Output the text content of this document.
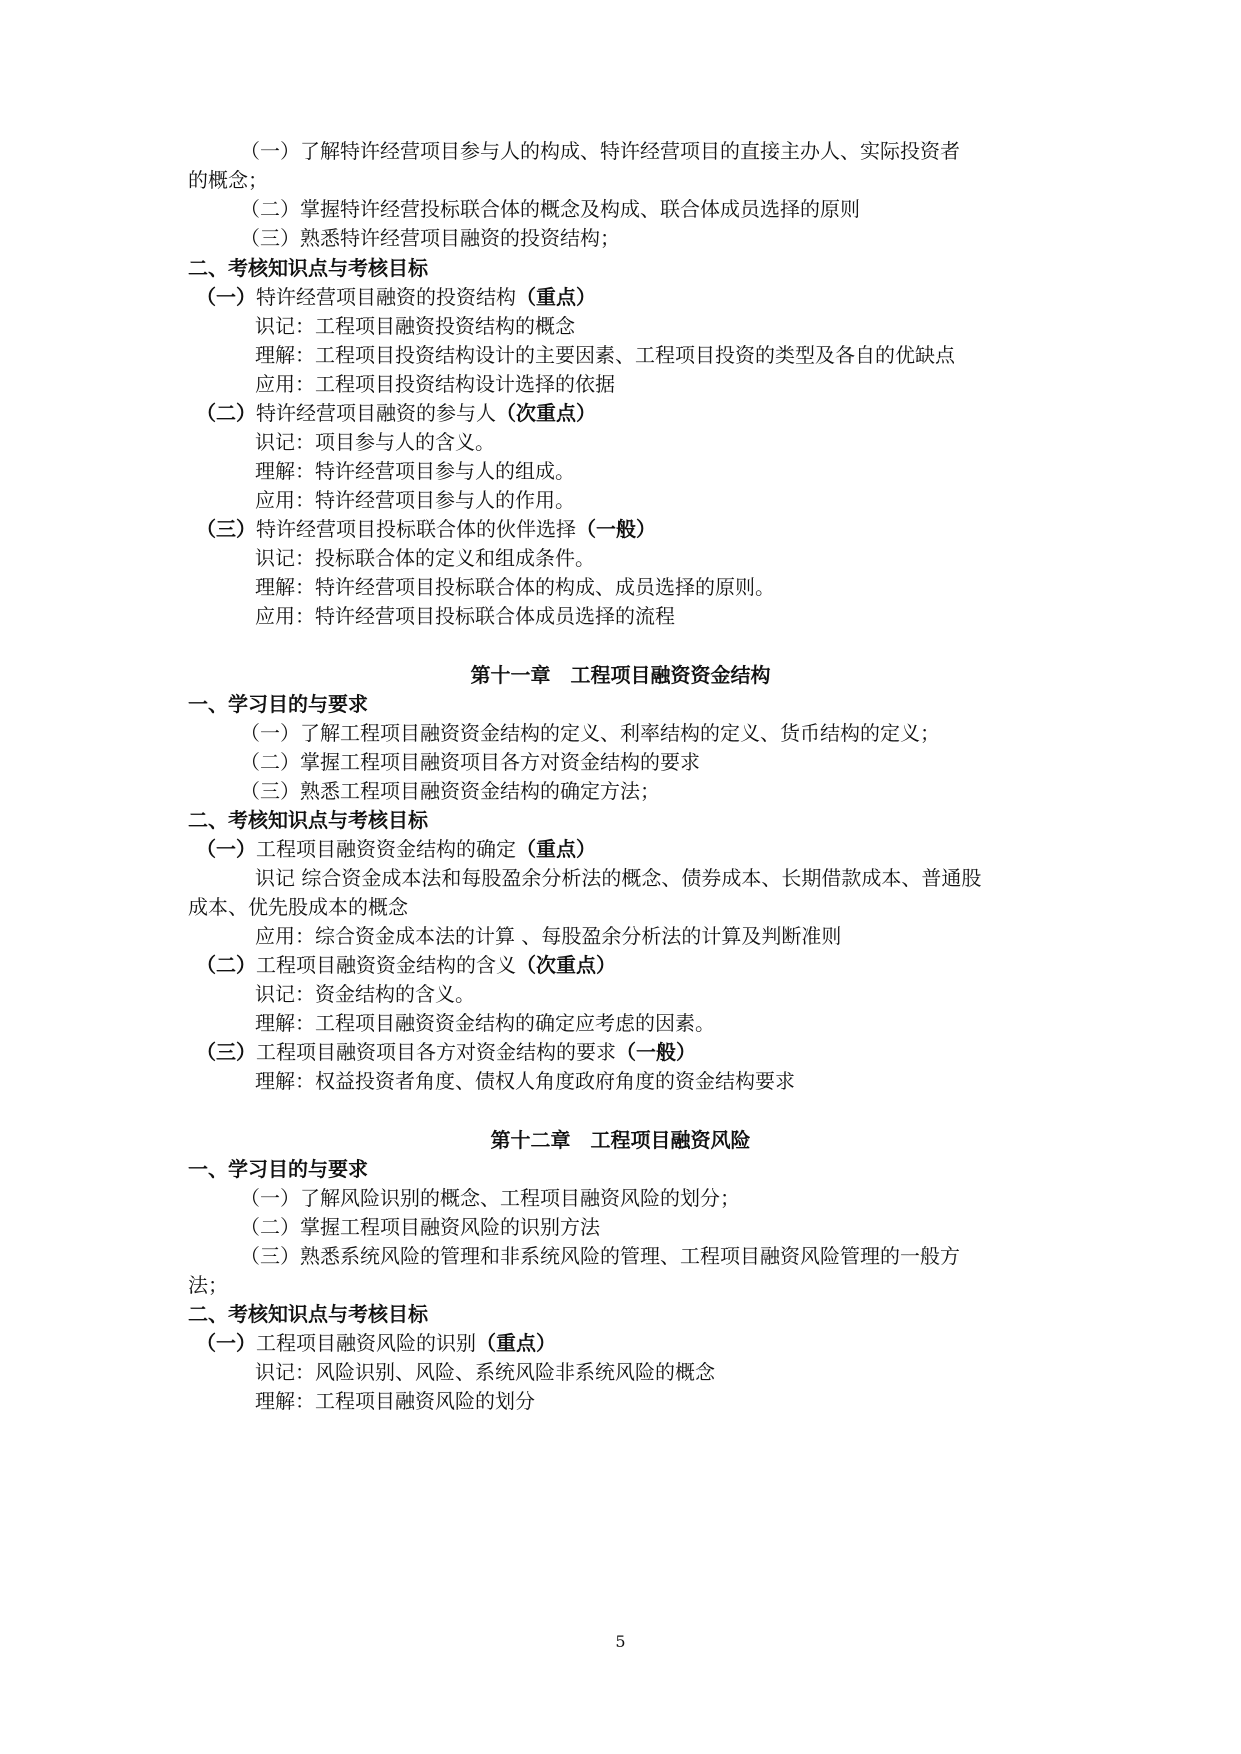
（一）了解特许经营项目参与人的构成、特许经营项目的直接主办人、实际投资者
的概念；
（二）掌握特许经营投标联合体的概念及构成、联合体成员选择的原则
（三）熟悉特许经营项目融资的投资结构；
二、考核知识点与考核目标
（一）特许经营项目融资的投资结构（重点）
识记：工程项目融资投资结构的概念
理解：工程项目投资结构设计的主要因素、工程项目投资的类型及各自的优缺点
应用：工程项目投资结构设计选择的依据
（二）特许经营项目融资的参与人（次重点）
识记：项目参与人的含义。
理解：特许经营项目参与人的组成。
应用：特许经营项目参与人的作用。
（三）特许经营项目投标联合体的伙伴选择（一般）
识记：投标联合体的定义和组成条件。
理解：特许经营项目投标联合体的构成、成员选择的原则。
应用：特许经营项目投标联合体成员选择的流程
第十一章　工程项目融资资金结构
一、学习目的与要求
（一）了解工程项目融资资金结构的定义、利率结构的定义、货币结构的定义；
（二）掌握工程项目融资项目各方对资金结构的要求
（三）熟悉工程项目融资资金结构的确定方法；
二、考核知识点与考核目标
（一）工程项目融资资金结构的确定（重点）
识记 综合资金成本法和每股盈余分析法的概念、债券成本、长期借款成本、普通股
成本、优先股成本的概念
应用：综合资金成本法的计算 、每股盈余分析法的计算及判断准则
（二）工程项目融资资金结构的含义（次重点）
识记：资金结构的含义。
理解：工程项目融资资金结构的确定应考虑的因素。
（三）工程项目融资项目各方对资金结构的要求（一般）
理解：权益投资者角度、债权人角度政府角度的资金结构要求
第十二章　工程项目融资风险
一、学习目的与要求
（一）了解风险识别的概念、工程项目融资风险的划分；
（二）掌握工程项目融资风险的识别方法
（三）熟悉系统风险的管理和非系统风险的管理、工程项目融资风险管理的一般方
法；
二、考核知识点与考核目标
（一）工程项目融资风险的识别（重点）
识记：风险识别、风险、系统风险非系统风险的概念
理解：工程项目融资风险的划分
5
